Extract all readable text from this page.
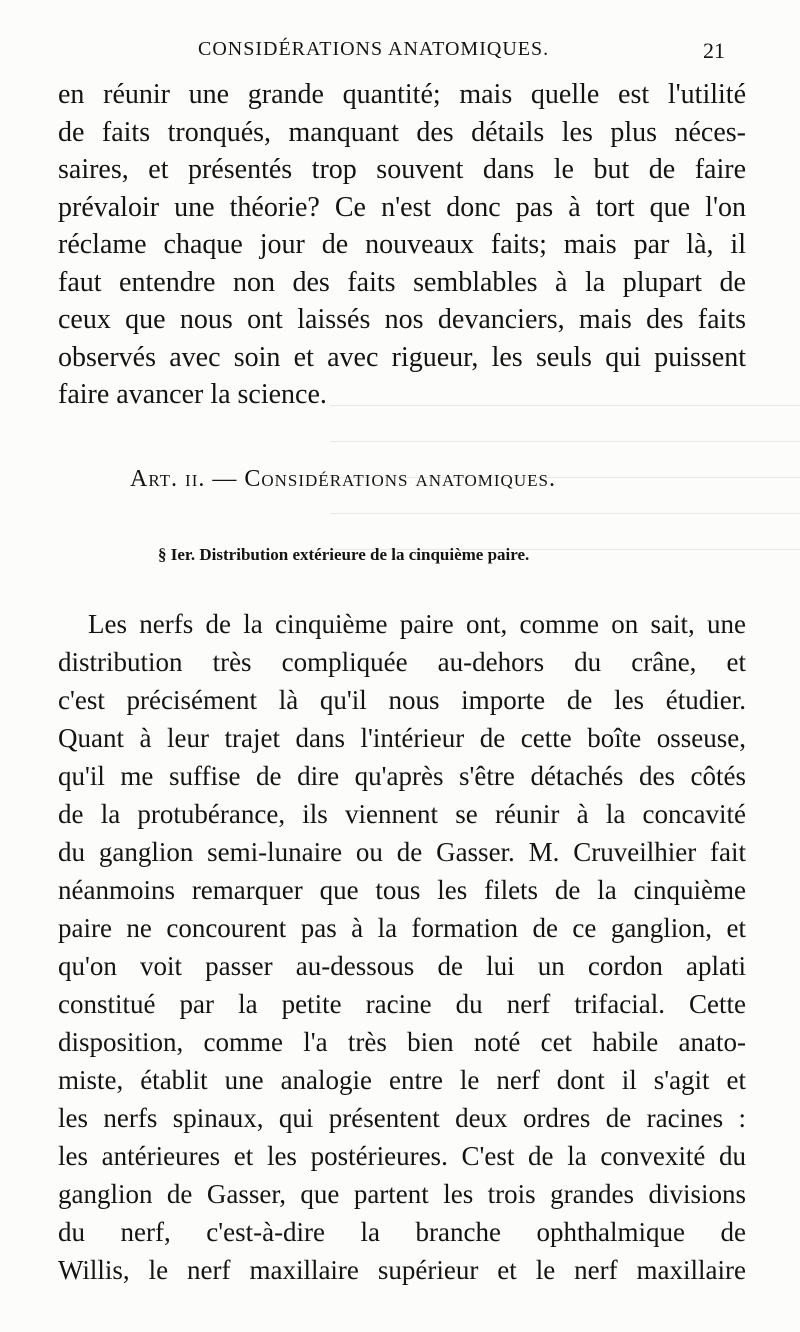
CONSIDÉRATIONS ANATOMIQUES.	21
en réunir une grande quantité; mais quelle est l'utilité
de faits tronqués, manquant des détails les plus néces-
saires, et présentés trop souvent dans le but de faire
prévaloir une théorie? Ce n'est donc pas à tort que l'on
réclame chaque jour de nouveaux faits; mais par là, il
faut entendre non des faits semblables à la plupart de
ceux que nous ont laissés nos devanciers, mais des faits
observés avec soin et avec rigueur, les seuls qui puissent
faire avancer la science.
Art. ii. — Considérations anatomiques.
§ Ier. Distribution extérieure de la cinquième paire.
Les nerfs de la cinquième paire ont, comme on sait, une
distribution très compliquée au-dehors du crâne, et
c'est précisément là qu'il nous importe de les étudier.
Quant à leur trajet dans l'intérieur de cette boîte osseuse,
qu'il me suffise de dire qu'après s'être détachés des côtés
de la protubérance, ils viennent se réunir à la concavité
du ganglion semi-lunaire ou de Gasser. M. Cruveilhier fait
néanmoins remarquer que tous les filets de la cinquième
paire ne concourent pas à la formation de ce ganglion, et
qu'on voit passer au-dessous de lui un cordon aplati
constitué par la petite racine du nerf trifacial. Cette
disposition, comme l'a très bien noté cet habile anato-
miste, établit une analogie entre le nerf dont il s'agit et
les nerfs spinaux, qui présentent deux ordres de racines :
les antérieures et les postérieures. C'est de la convexité du
ganglion de Gasser, que partent les trois grandes divisions
du nerf, c'est-à-dire la branche ophthalmique de
Willis, le nerf maxillaire supérieur et le nerf maxillaire
